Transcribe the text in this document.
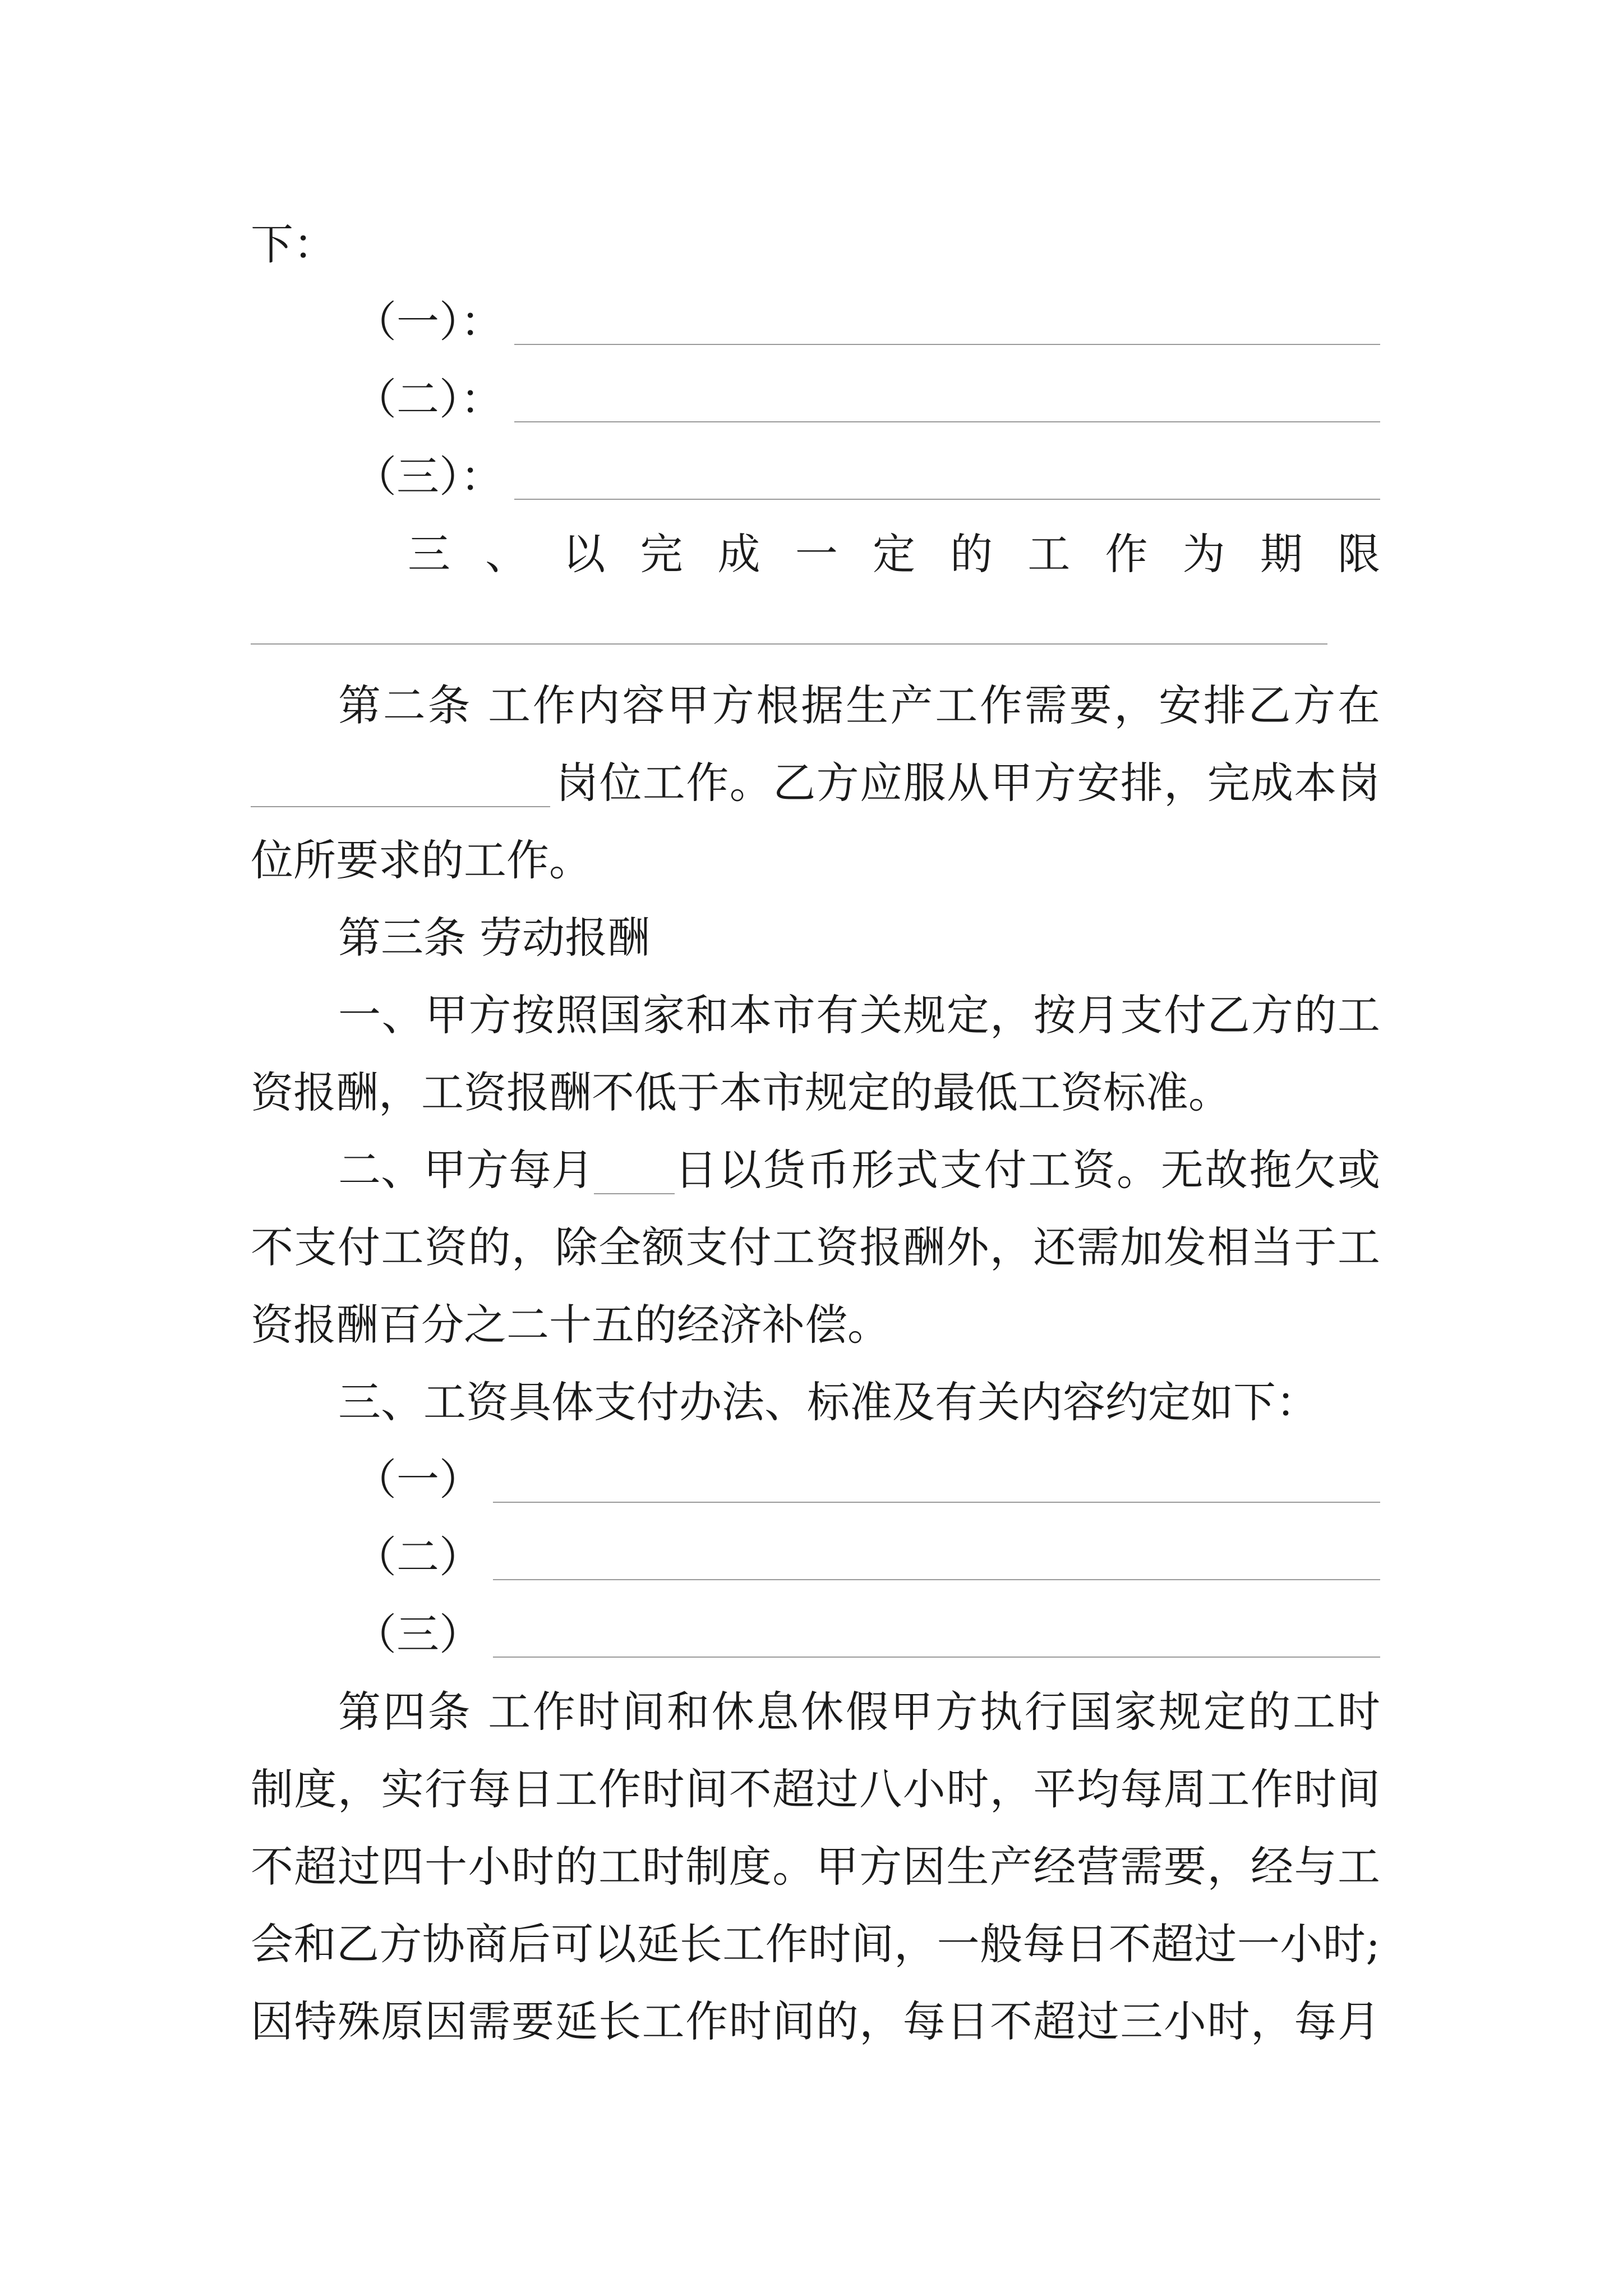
下：
（一）：
（二）：
（三）：
三 、 以 完 成 一 定 的 工 作 为 期 限
第二条 工作内容甲方根据生产工作需要，安排乙方在
岗位工作。乙方应服从甲方安排，完成本岗
位所要求的工作。
第三条 劳动报酬
一、甲方按照国家和本市有关规定，按月支付乙方的工
资报酬，工资报酬不低于本市规定的最低工资标准。
二、甲方每月 日以货币形式支付工资。无故拖欠或
不支付工资的，除全额支付工资报酬外，还需加发相当于工
资报酬百分之二十五的经济补偿。
三、工资具体支付办法、标准及有关内容约定如下：
（一）
（二）
（三）
第四条 工作时间和休息休假甲方执行国家规定的工时
制度，实行每日工作时间不超过八小时，平均每周工作时间
不超过四十小时的工时制度。甲方因生产经营需要，经与工
会和乙方协商后可以延长工作时间，一般每日不超过一小时;
因特殊原因需要延长工作时间的，每日不超过三小时，每月
